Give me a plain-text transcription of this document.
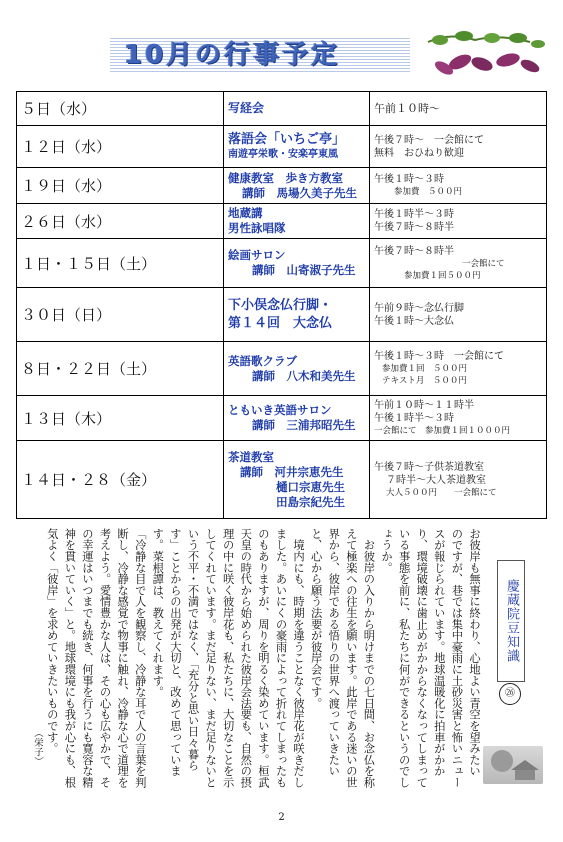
10月の行事予定
５日（水）	写経会	午前１０時～

１２日（水）	落語会「いちご亭」
南遊亭栄歌・安楽亭東風	午後７時～　一会館にて
無料　おひねり歓迎

１９日（水）	健康教室　歩き方教室
講師　馬場久美子先生	午後１時～３時
参加費　５００円

２６日（水）	地蔵講
男性詠唱隊	午後１時半～３時
午後７時～８時半

１日・１５日（土）	絵画サロン
講師　山寄淑子先生	午後７時～８時半
一会館にて
参加費１回５００円

３０日（日）	下小俣念仏行脚・
第１４回　大念仏	午前９時～念仏行脚
午後１時～大念仏

８日・２２日（土）	英語歌クラブ
講師　八木和美先生	午後１時～３時　一会館にて
参加費１回　５００円
テキスト月　５００円

１３日（木）	ともいき英語サロン
講師　三浦邦昭先生	午前１０時～１１時半
午後１時半～３時
一会館にて　参加費１回１０００円

１４日・２８（金）	茶道教室
講師　河井宗恵先生
樋口宗恵先生
田島宗紀先生	午後７時～子供茶道教室
７時半～大人茶道教室
大人５００円　　一会館にて
慶蔵院豆知識
㉖
お彼岸も無事に終わり、心地よい青空を望みたい
のですが、巷では集中豪雨に土砂災害と怖いニュー
スが報じられています。地球温暖化に拍車がかか
り、環境破壊に歯止めがかからなくなってしまって
いる事態を前に、私たちに何ができるというのでし
ょうか。
　お彼岸の入りから明けまでの七日間、お念仏を称
えて極楽への往生を願います。此岸である迷いの世
界から、彼岸である悟りの世界へ渡っていきたい
と、心から願う法要が彼岸会です。
　境内にも、時期を違うことなく彼岸花が咲きだし
ました。あいにくの豪雨によって折れてしまったも
のもありますが、周りを明るく染めています。桓武
天皇の時代から始められた彼岸会法要も、自然の摂
理の中に咲く彼岸花も、私たちに、大切なことを示
してくれています。まだ足りない、まだ足りないと
いう不平・不満ではなく、「充分と思い日々暮ら
す」ことからの出発が大切と、改めて思っていま
す。菜根譚は、教えてくれます。
「冷静な目で人を観察し、冷静な耳で人の言葉を判
断し、冷静な感覚で物事に触れ、冷静な心で道理を
考えよう。愛情豊かな人は、その心も広やかで、そ
の幸運はいつまでも続き、何事を行うにも寛容な精
神を貫いていく」と。地球環境にも我が心にも、根
気よく「彼岸」を求めていきたいものです。
（栄子）
2
